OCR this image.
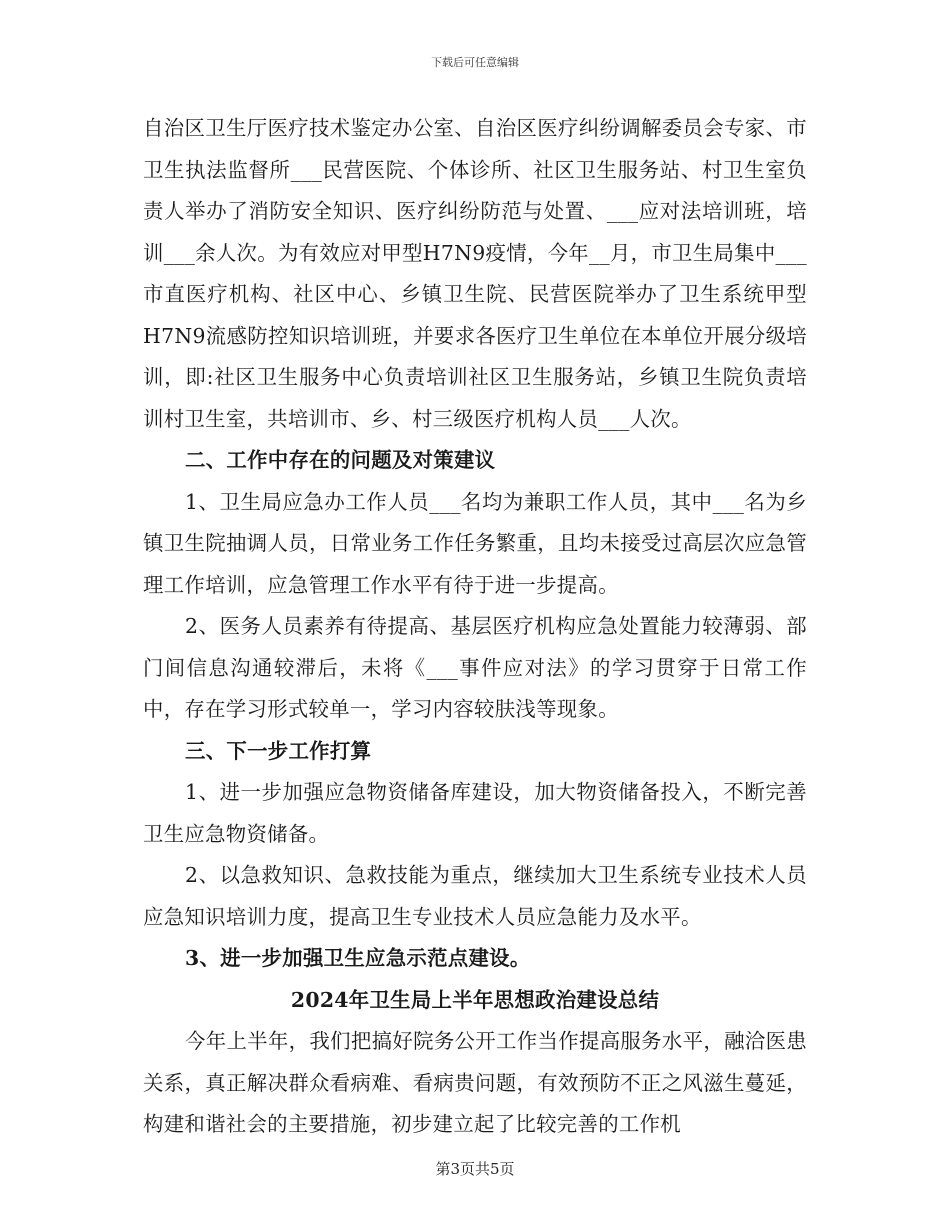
下载后可任意编辑

自治区卫生厅医疗技术鉴定办公室、自治区医疗纠纷调解委员会专家、市卫生执法监督所___民营医院、个体诊所、社区卫生服务站、村卫生室负责人举办了消防安全知识、医疗纠纷防范与处置、___应对法培训班，培训___余人次。为有效应对甲型H7N9疫情，今年__月，市卫生局集中___市直医疗机构、社区中心、乡镇卫生院、民营医院举办了卫生系统甲型H7N9流感防控知识培训班，并要求各医疗卫生单位在本单位开展分级培训，即:社区卫生服务中心负责培训社区卫生服务站，乡镇卫生院负责培训村卫生室，共培训市、乡、村三级医疗机构人员___人次。

二、工作中存在的问题及对策建议

1、卫生局应急办工作人员___名均为兼职工作人员，其中___名为乡镇卫生院抽调人员，日常业务工作任务繁重，且均未接受过高层次应急管理工作培训，应急管理工作水平有待于进一步提高。

2、医务人员素养有待提高、基层医疗机构应急处置能力较薄弱、部门间信息沟通较滞后，未将《___事件应对法》的学习贯穿于日常工作中，存在学习形式较单一，学习内容较肤浅等现象。

三、下一步工作打算

1、进一步加强应急物资储备库建设，加大物资储备投入，不断完善卫生应急物资储备。

2、以急救知识、急救技能为重点，继续加大卫生系统专业技术人员应急知识培训力度，提高卫生专业技术人员应急能力及水平。

3、进一步加强卫生应急示范点建设。

2024年卫生局上半年思想政治建设总结

今年上半年，我们把搞好院务公开工作当作提高服务水平，融洽医患关系，真正解决群众看病难、看病贵问题，有效预防不正之风滋生蔓延，构建和谐社会的主要措施，初步建立起了比较完善的工作机

第3页共5页
